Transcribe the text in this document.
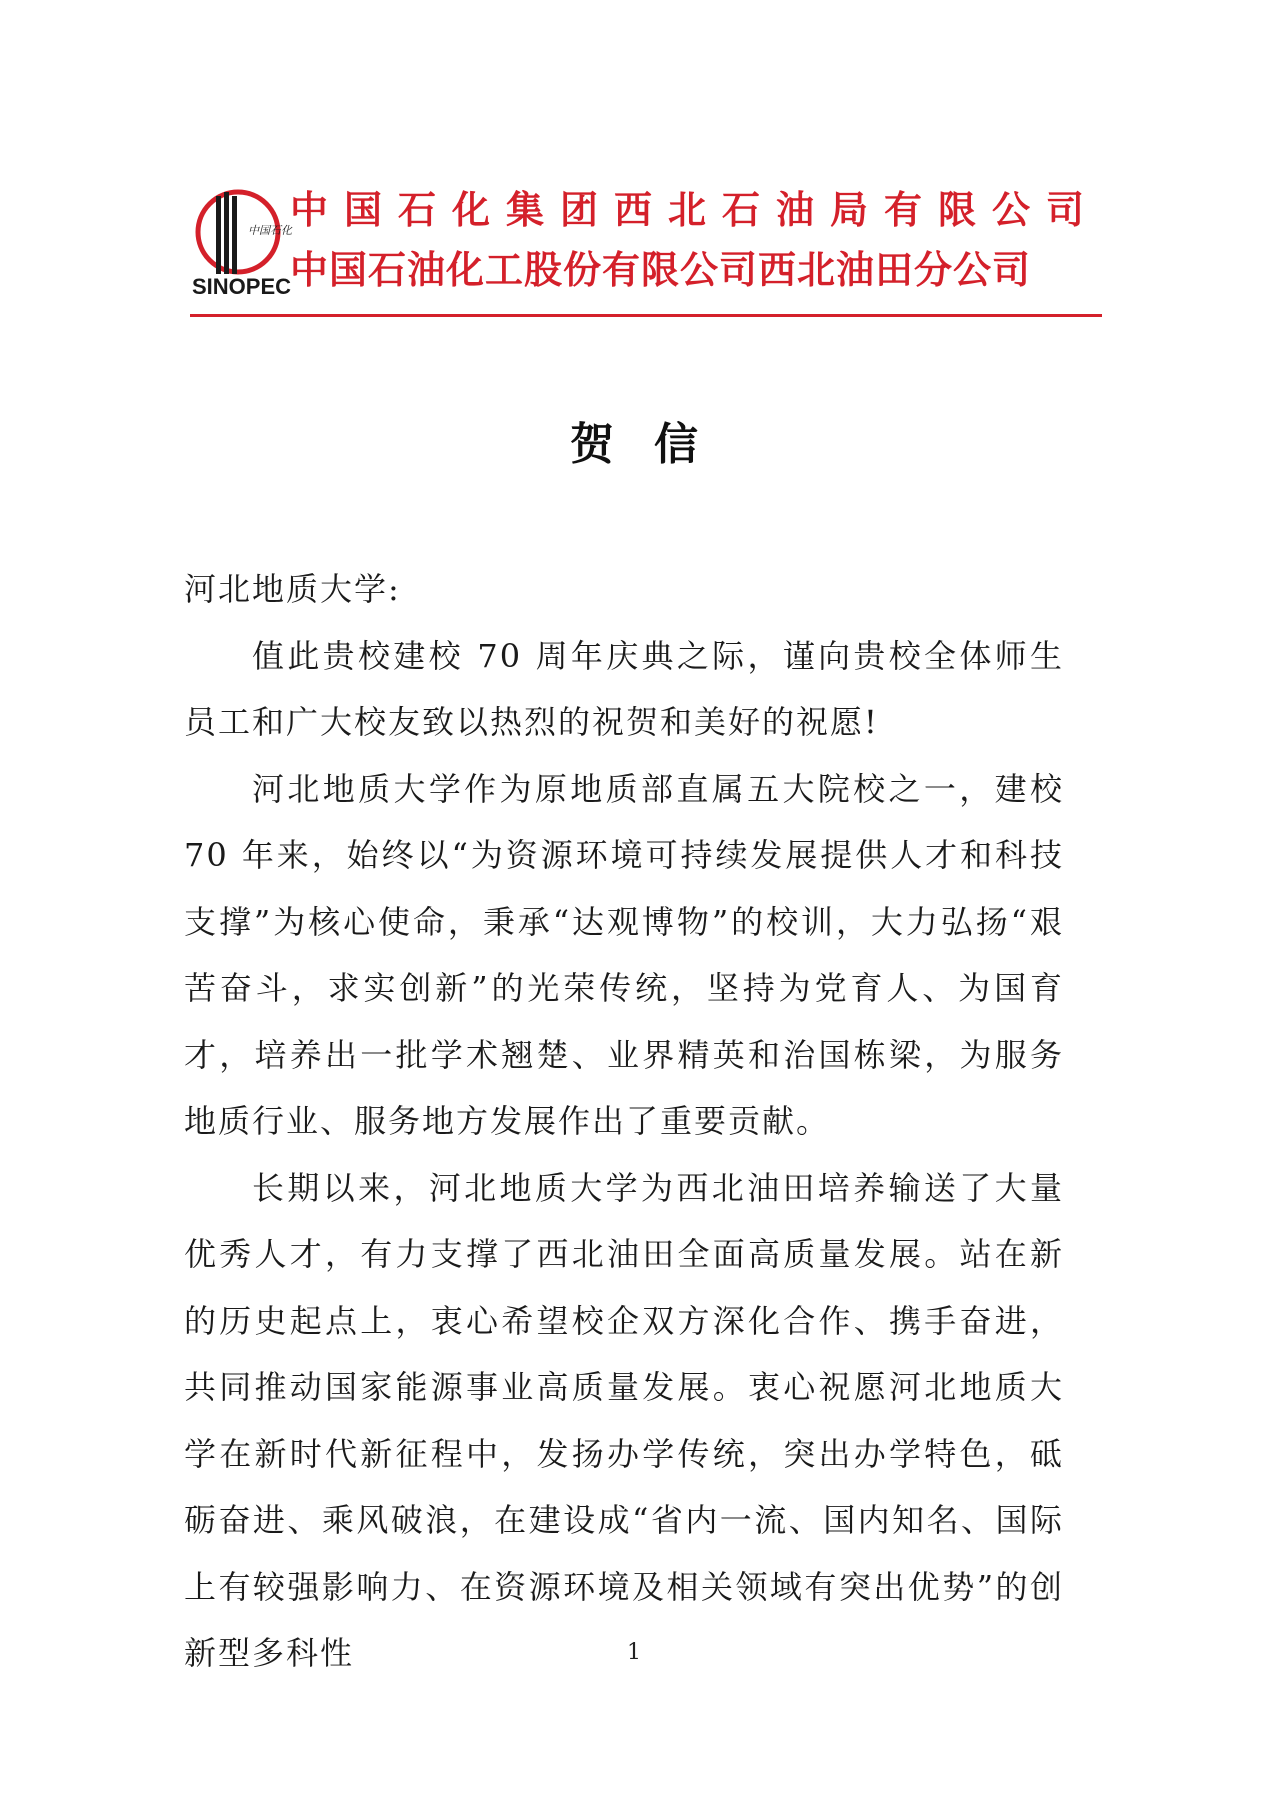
中国石化
SINOPEC
中国石化集团西北石油局有限公司
中国石油化工股份有限公司西北油田分公司
贺信

河北地质大学:

值此贵校建校 70 周年庆典之际，谨向贵校全体师生员工和广大校友致以热烈的祝贺和美好的祝愿!

河北地质大学作为原地质部直属五大院校之一，建校 70 年来，始终以“为资源环境可持续发展提供人才和科技支撑”为核心使命，秉承“达观博物”的校训，大力弘扬“艰苦奋斗，求实创新”的光荣传统，坚持为党育人、为国育才，培养出一批学术翘楚、业界精英和治国栋梁，为服务地质行业、服务地方发展作出了重要贡献。

长期以来，河北地质大学为西北油田培养输送了大量优秀人才，有力支撑了西北油田全面高质量发展。站在新的历史起点上，衷心希望校企双方深化合作、携手奋进，共同推动国家能源事业高质量发展。衷心祝愿河北地质大学在新时代新征程中，发扬办学传统，突出办学特色，砥砺奋进、乘风破浪，在建设成“省内一流、国内知名、国际上有较强影响力、在资源环境及相关领域有突出优势”的创新型多科性	1
